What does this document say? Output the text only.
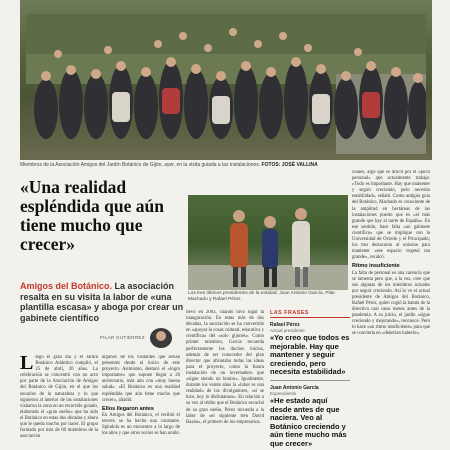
Miembros de la Asociación Amigos del Jardín Botánico de Gijón, ayer, en la visita guiada a las instalaciones. FOTOS: JOSÉ VALLINA
«Una realidad espléndida que aún tiene mucho que crecer»

Amigos del Botánico. La asociación resalta en su visita la labor de «una plantilla escasa» y aboga por crear un gabinete científico

PILAR GUTIÉRREZ
Los tres últimos presidentes de la entidad: Juan Antonio García, Pilar Machado y Rafael Pérez.

Llegó el gran día y el Jardín Botánico Atlántico cumplió, el 25 de abril, 20 años. La celebración se concentró con un acto por parte de la Asociación de Amigos del Botánico de Gijón, en el que los usuarios de la naturaleza y lo que siguieron al interior de las instalaciones visitaron la zona en un recorrido guiado, elaborado el «gran sueño» que ha sido el Botánico en estas dos décadas y ahora que le queda mucho por hacer. El grupo formado por más de 60 miembros de la asociación

algunos de los visitantes que serían presentes desde el inicio de este proyecto. Asimismo, destacó el «logro importante» que supone llegar a 20 aniversario, más aún con «muy buena salud». «El Botánico es una realidad espléndida que aún tiene mucho que crecer», añadió.
Ellos llegaron antes
En Amigos del Botánico, el recibió el tercero se ha hecho una constante. Spindola es un encuentro a lo largo de los años y que otros socios se han unido.

llevo en 2003, cuando tuvo lugar la inauguración. En estas más de dos décadas, la asociación se ha convertido en «apoyar la cosas cultural, educativa y científica» del «solo gijonés». Como primer miembro, García recuerda perfectamente los duchos inicios, además de ser conocedor del plan director que afrontaba todas las ideas para el proyecto, como la futura instalación de un invernadero que «sigue siendo un bonito». Igualmente, durante los veinte años la «labor es una realidad» de los divulgadores, «si se hizo, hoy lo disfrutamos». En relación a su vez al rédito que el Botánico escuchó de su gran sueño, Pérez recuerda a la labor de «el siguiente tren David Bazán», el primero de los empresarios.

LAS FRASES
Rafael Pérez
Actual presidente
«Yo creo que todos es mejorable. Hay que mantener y seguir creciendo, pero necesita estabilidad»
Juan Antonio García
Expresidente
«He estado aquí desde antes de que naciera. Veo al Botánico creciendo y aún tiene mucho más que crecer»

ciones, algo que se difícil por el «poco personal» que actualmente trabaja: «Todo es importante. Hay que mantener y seguir creciendo, pero necesita estabilidad», señaló. Como antigua guía del Botánico, Machado es consciente de la amplitud en hectáreas de las instalaciones puesto que es «el más grande que hay al norte de España». En ese sentido, hace falta «un gabinete científico» que se implique con la Universidad de Oviedo y el Principado; los tres destacaron al unísono para mantener «ese espacio vegetal tan grande», recalcó.
Ritmo insuficiente
La falta de personal es una carencia que se lamenta pero que, a la vez, cree que sus algunas de los miembros actuales por seguir creciendo. Así lo ve el actual presidente de Amigos del Botánico, Rafael Pérez, quien cogió la batuta de la directiva casi unos meses antes de la pandemia. A su juicio, el jardín «sigue creciendo y mejorando», reconoce. Pero lo hace «un ritmo insuficiente» para que se convierta en «deberían haberlo».
